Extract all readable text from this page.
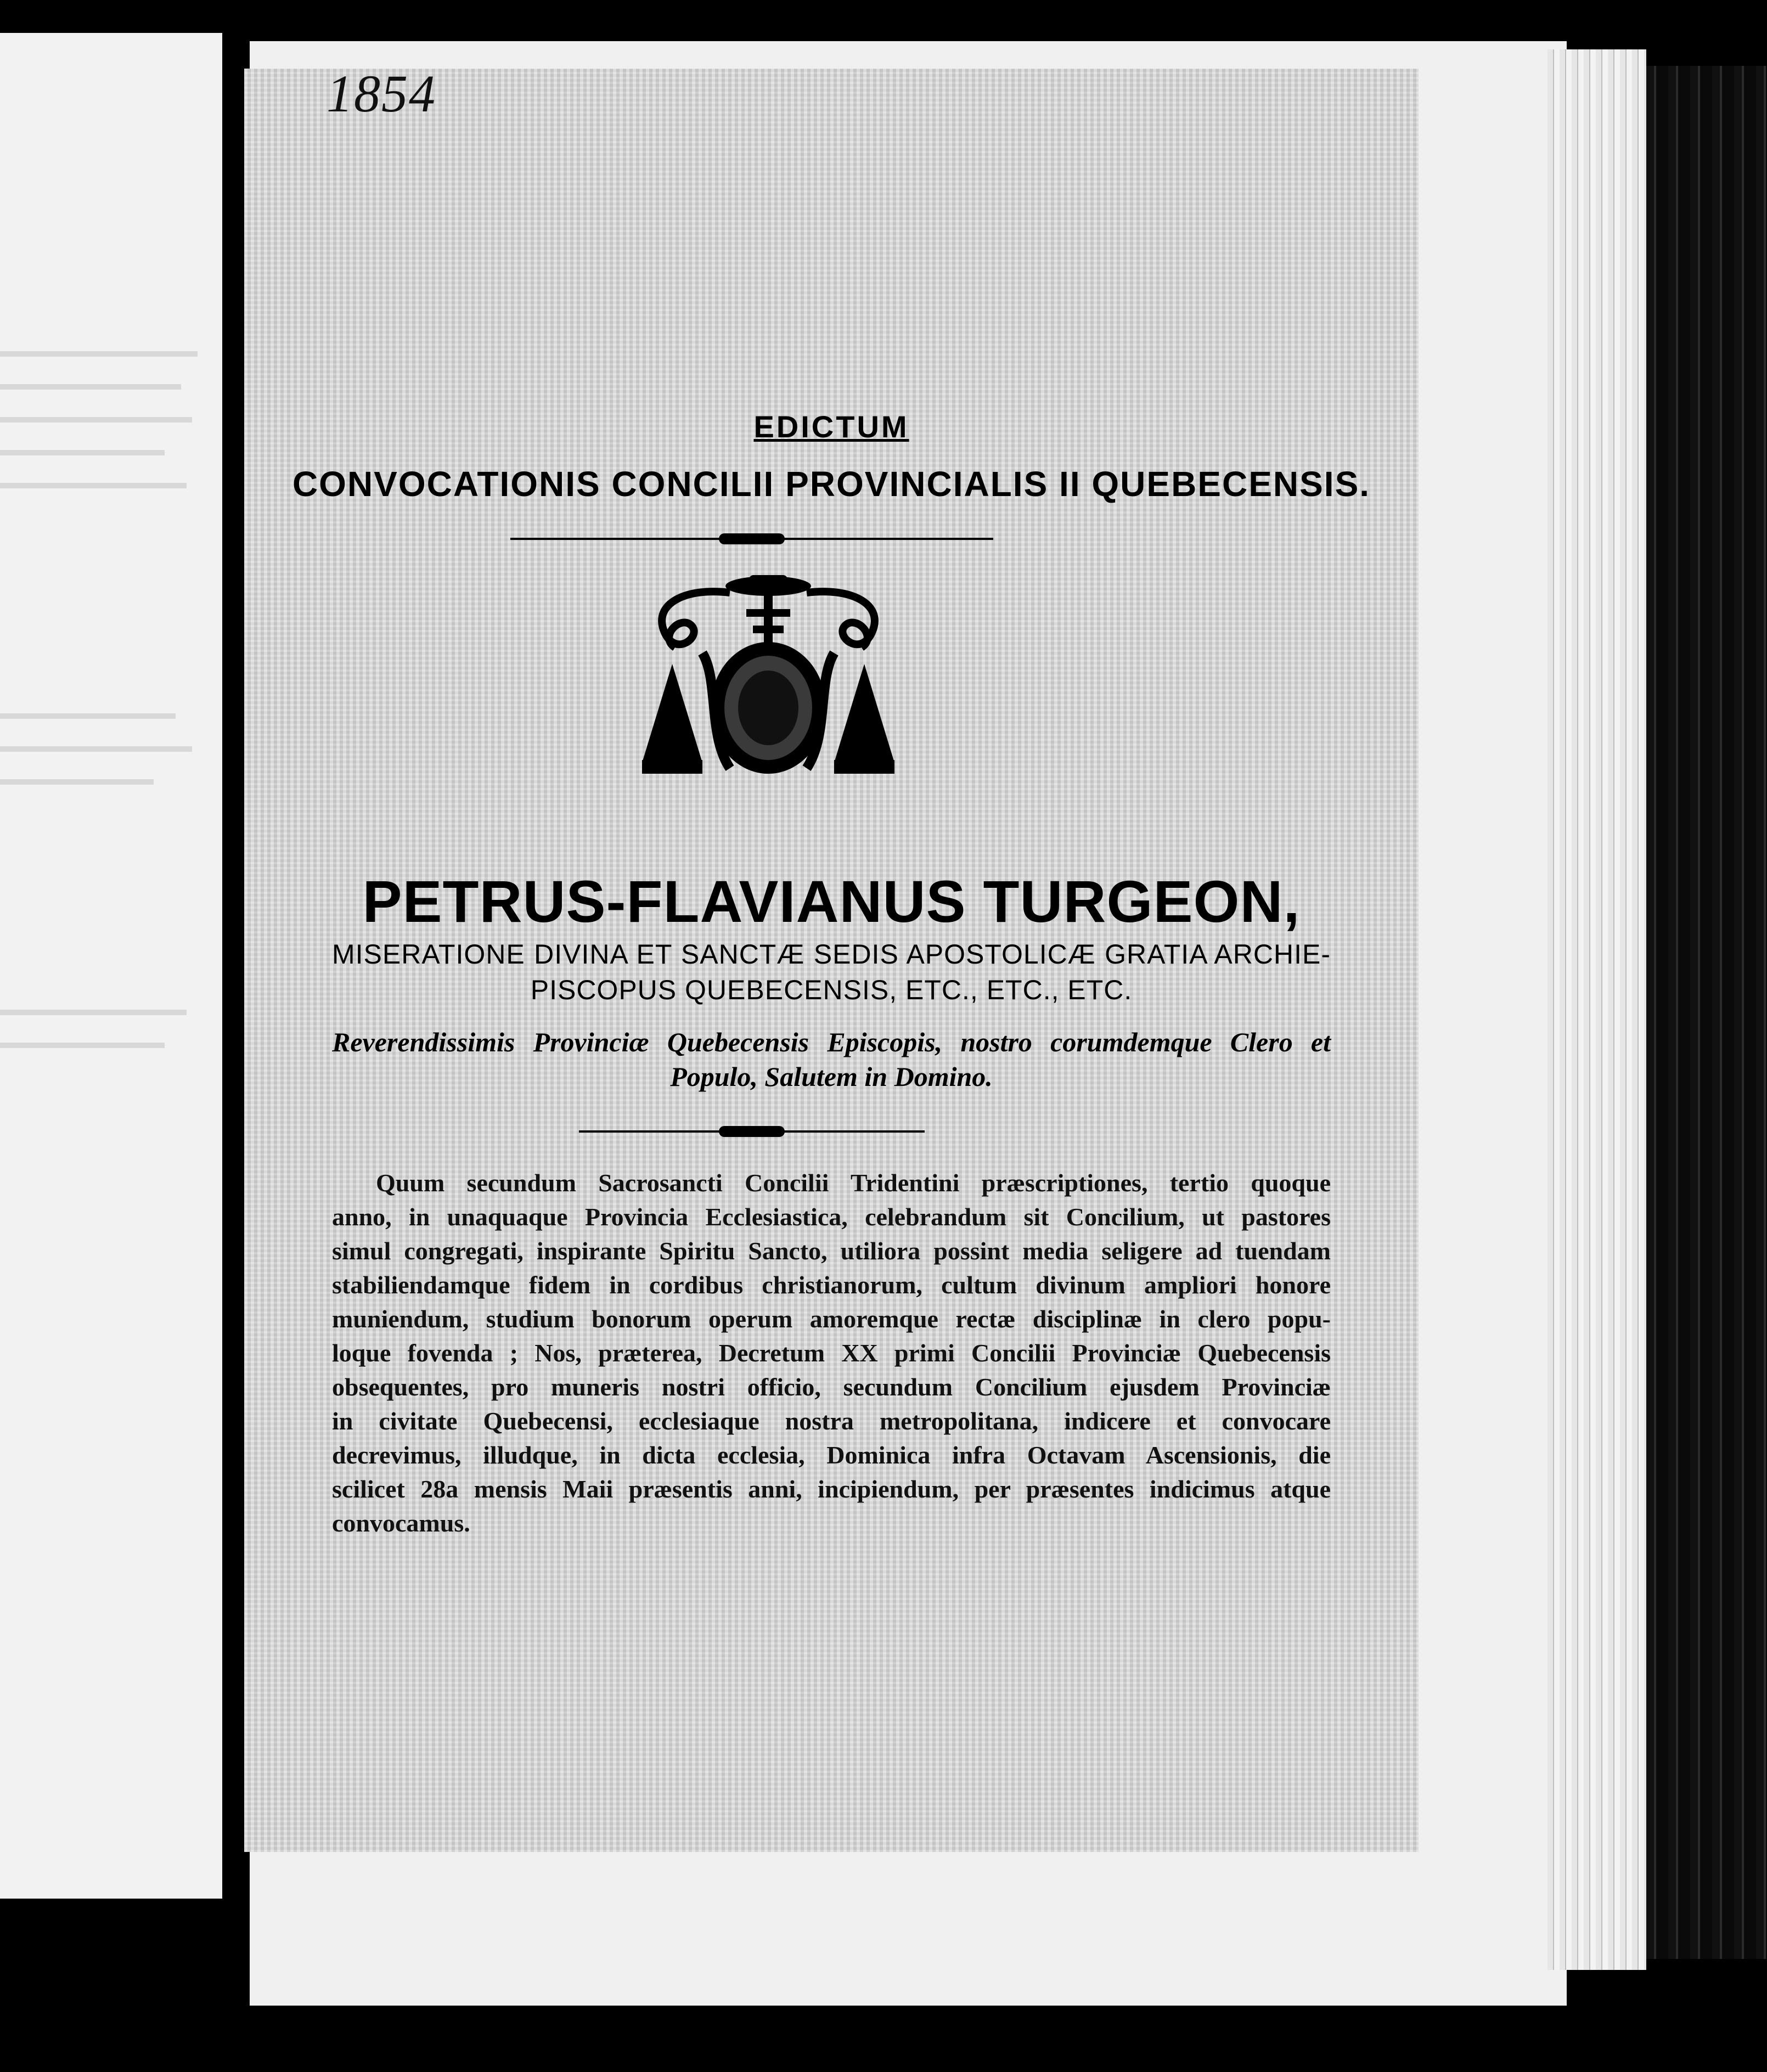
1854
EDICTUM
CONVOCATIONIS CONCILII PROVINCIALIS II QUEBECENSIS.
PETRUS-FLAVIANUS TURGEON,
MISERATIONE DIVINA ET SANCTÆ SEDIS APOSTOLICÆ GRATIA ARCHIE-
PISCOPUS QUEBECENSIS, ETC., ETC., ETC.
Reverendissimis Provinciæ Quebecensis Episcopis, nostro corumdemque Clero et
Populo, Salutem in Domino.
Quum secundum Sacrosancti Concilii Tridentini præscriptiones, tertio quoque
anno, in unaquaque Provincia Ecclesiastica, celebrandum sit Concilium, ut pastores
simul congregati, inspirante Spiritu Sancto, utiliora possint media seligere ad tuendam
stabiliendamque fidem in cordibus christianorum, cultum divinum ampliori honore
muniendum, studium bonorum operum amoremque rectæ disciplinæ in clero popu-
loque fovenda ; Nos, præterea, Decretum XX primi Concilii Provinciæ Quebecensis
obsequentes, pro muneris nostri officio, secundum Concilium ejusdem Provinciæ
in civitate Quebecensi, ecclesiaque nostra metropolitana, indicere et convocare
decrevimus, illudque, in dicta ecclesia, Dominica infra Octavam Ascensionis, die
scilicet 28a mensis Maii præsentis anni, incipiendum, per præsentes indicimus atque
convocamus.
